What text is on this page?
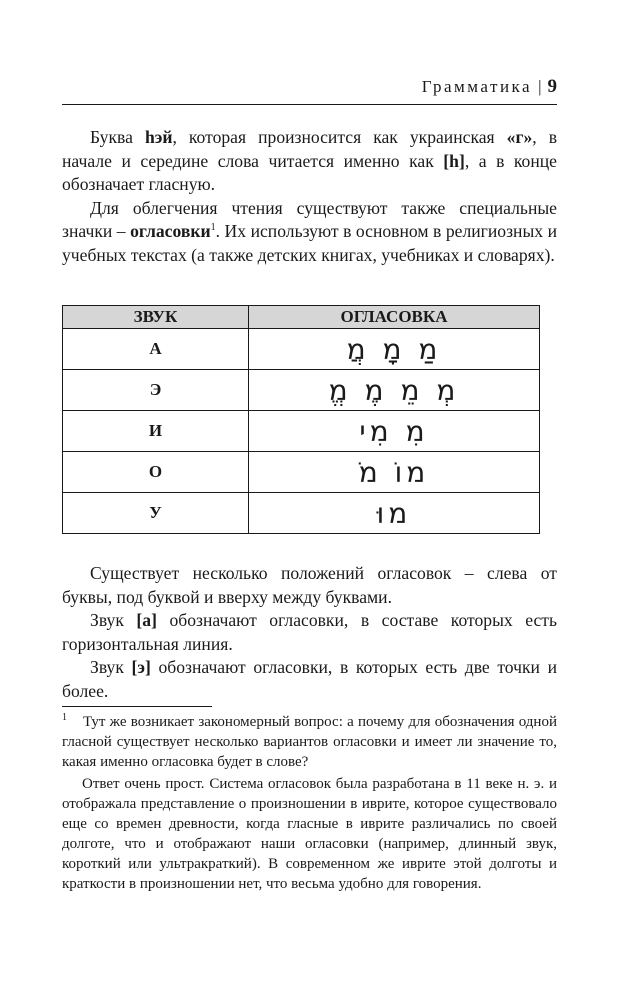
Грамматика | 9

Буква hэй, которая произносится как украинская «г», в начале и середине слова читается именно как [h], а в конце обозначает гласную.

Для облегчения чтения существуют также специальные значки – огласовки$^1$. Их используют в основном в религиозных и учебных текстах (а также детских книгах, учебниках и словарях).

ЗВУК	ОГЛАСОВКА
А	מַ מָ מֲ
Э	מְ מֵ מֶ מֱ
И	מִ מִי
О	מוֹ מֹ
У	מוּ

Существует несколько положений огласовок – слева от буквы, под буквой и вверху между буквами.

Звук [а] обозначают огласовки, в составе которых есть горизонтальная линия.

Звук [э] обозначают огласовки, в которых есть две точки и более.

$^1$ Тут же возникает закономерный вопрос: а почему для обозначения одной гласной существует несколько вариантов огласовки и имеет ли значение то, какая именно огласовка будет в слове?

Ответ очень прост. Система огласовок была разработана в 11 веке н. э. и отображала представление о произношении в иврите, которое существовало еще со времен древности, когда гласные в иврите различались по своей долготе, что и отображают наши огласовки (например, длинный звук, короткий или ультракраткий). В современном же иврите этой долготы и краткости в произношении нет, что весьма удобно для говорения.
